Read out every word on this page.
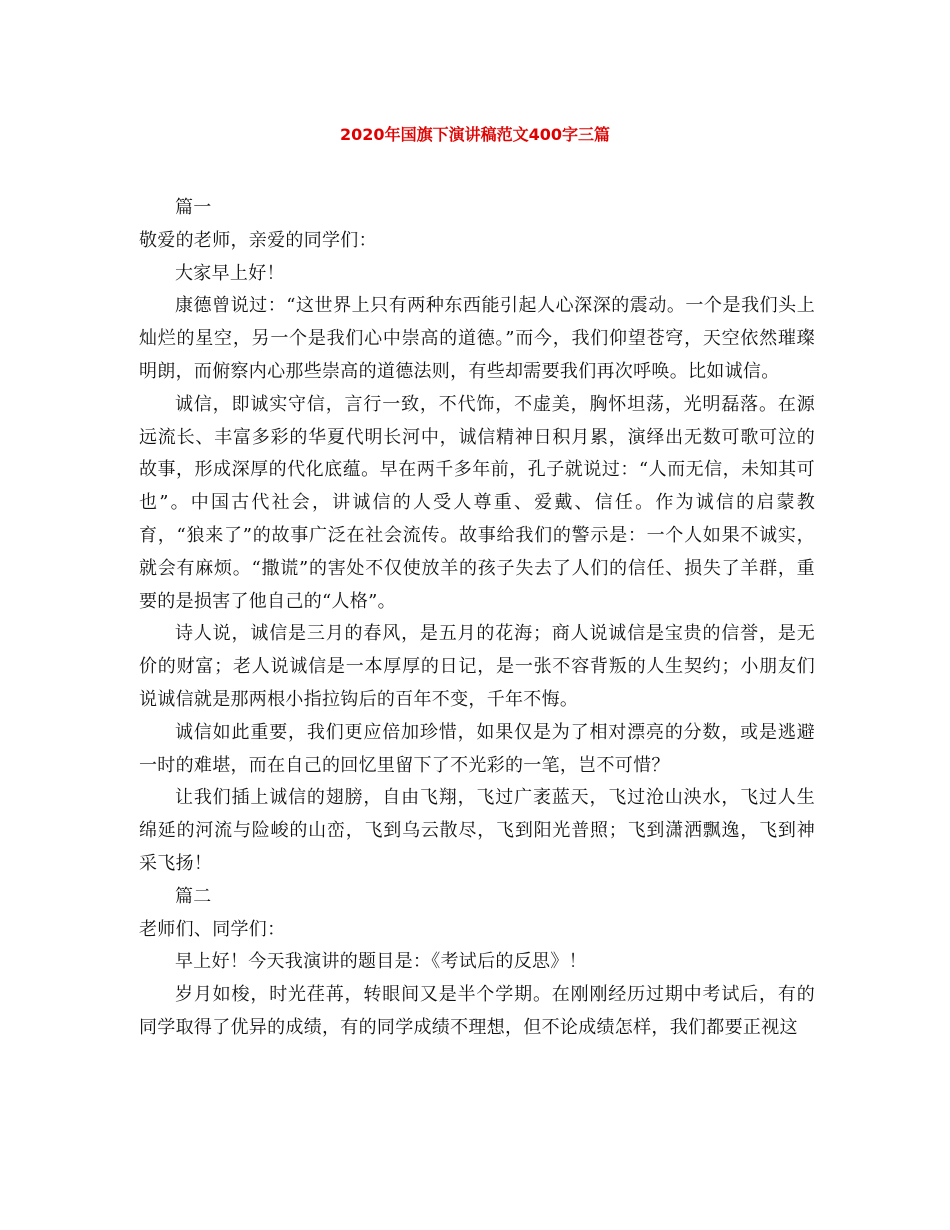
2020年国旗下演讲稿范文400字三篇

篇一

敬爱的老师，亲爱的同学们：

大家早上好！

康德曾说过：“这世界上只有两种东西能引起人心深深的震动。一个是我们头上灿烂的星空，另一个是我们心中崇高的道德。”而今，我们仰望苍穹，天空依然璀璨明朗，而俯察内心那些崇高的道德法则，有些却需要我们再次呼唤。比如诚信。

诚信，即诚实守信，言行一致，不代饰，不虚美，胸怀坦荡，光明磊落。在源远流长、丰富多彩的华夏代明长河中，诚信精神日积月累，演绎出无数可歌可泣的故事，形成深厚的代化底蕴。早在两千多年前，孔子就说过：“人而无信，未知其可也”。中国古代社会，讲诚信的人受人尊重、爱戴、信任。作为诚信的启蒙教育，“狼来了”的故事广泛在社会流传。故事给我们的警示是：一个人如果不诚实，就会有麻烦。“撒谎”的害处不仅使放羊的孩子失去了人们的信任、损失了羊群，重要的是损害了他自己的“人格”。

诗人说，诚信是三月的春风，是五月的花海；商人说诚信是宝贵的信誉，是无价的财富；老人说诚信是一本厚厚的日记，是一张不容背叛的人生契约；小朋友们说诚信就是那两根小指拉钩后的百年不变，千年不悔。

诚信如此重要，我们更应倍加珍惜，如果仅是为了相对漂亮的分数，或是逃避一时的难堪，而在自己的回忆里留下了不光彩的一笔，岂不可惜？

让我们插上诚信的翅膀，自由飞翔，飞过广袤蓝天，飞过沧山泱水，飞过人生绵延的河流与险峻的山峦，飞到乌云散尽，飞到阳光普照；飞到潇洒飘逸，飞到神采飞扬！

篇二

老师们、同学们：

早上好！今天我演讲的题目是：《考试后的反思》！

岁月如梭，时光荏苒，转眼间又是半个学期。在刚刚经历过期中考试后，有的同学取得了优异的成绩，有的同学成绩不理想，但不论成绩怎样，我们都要正视这
